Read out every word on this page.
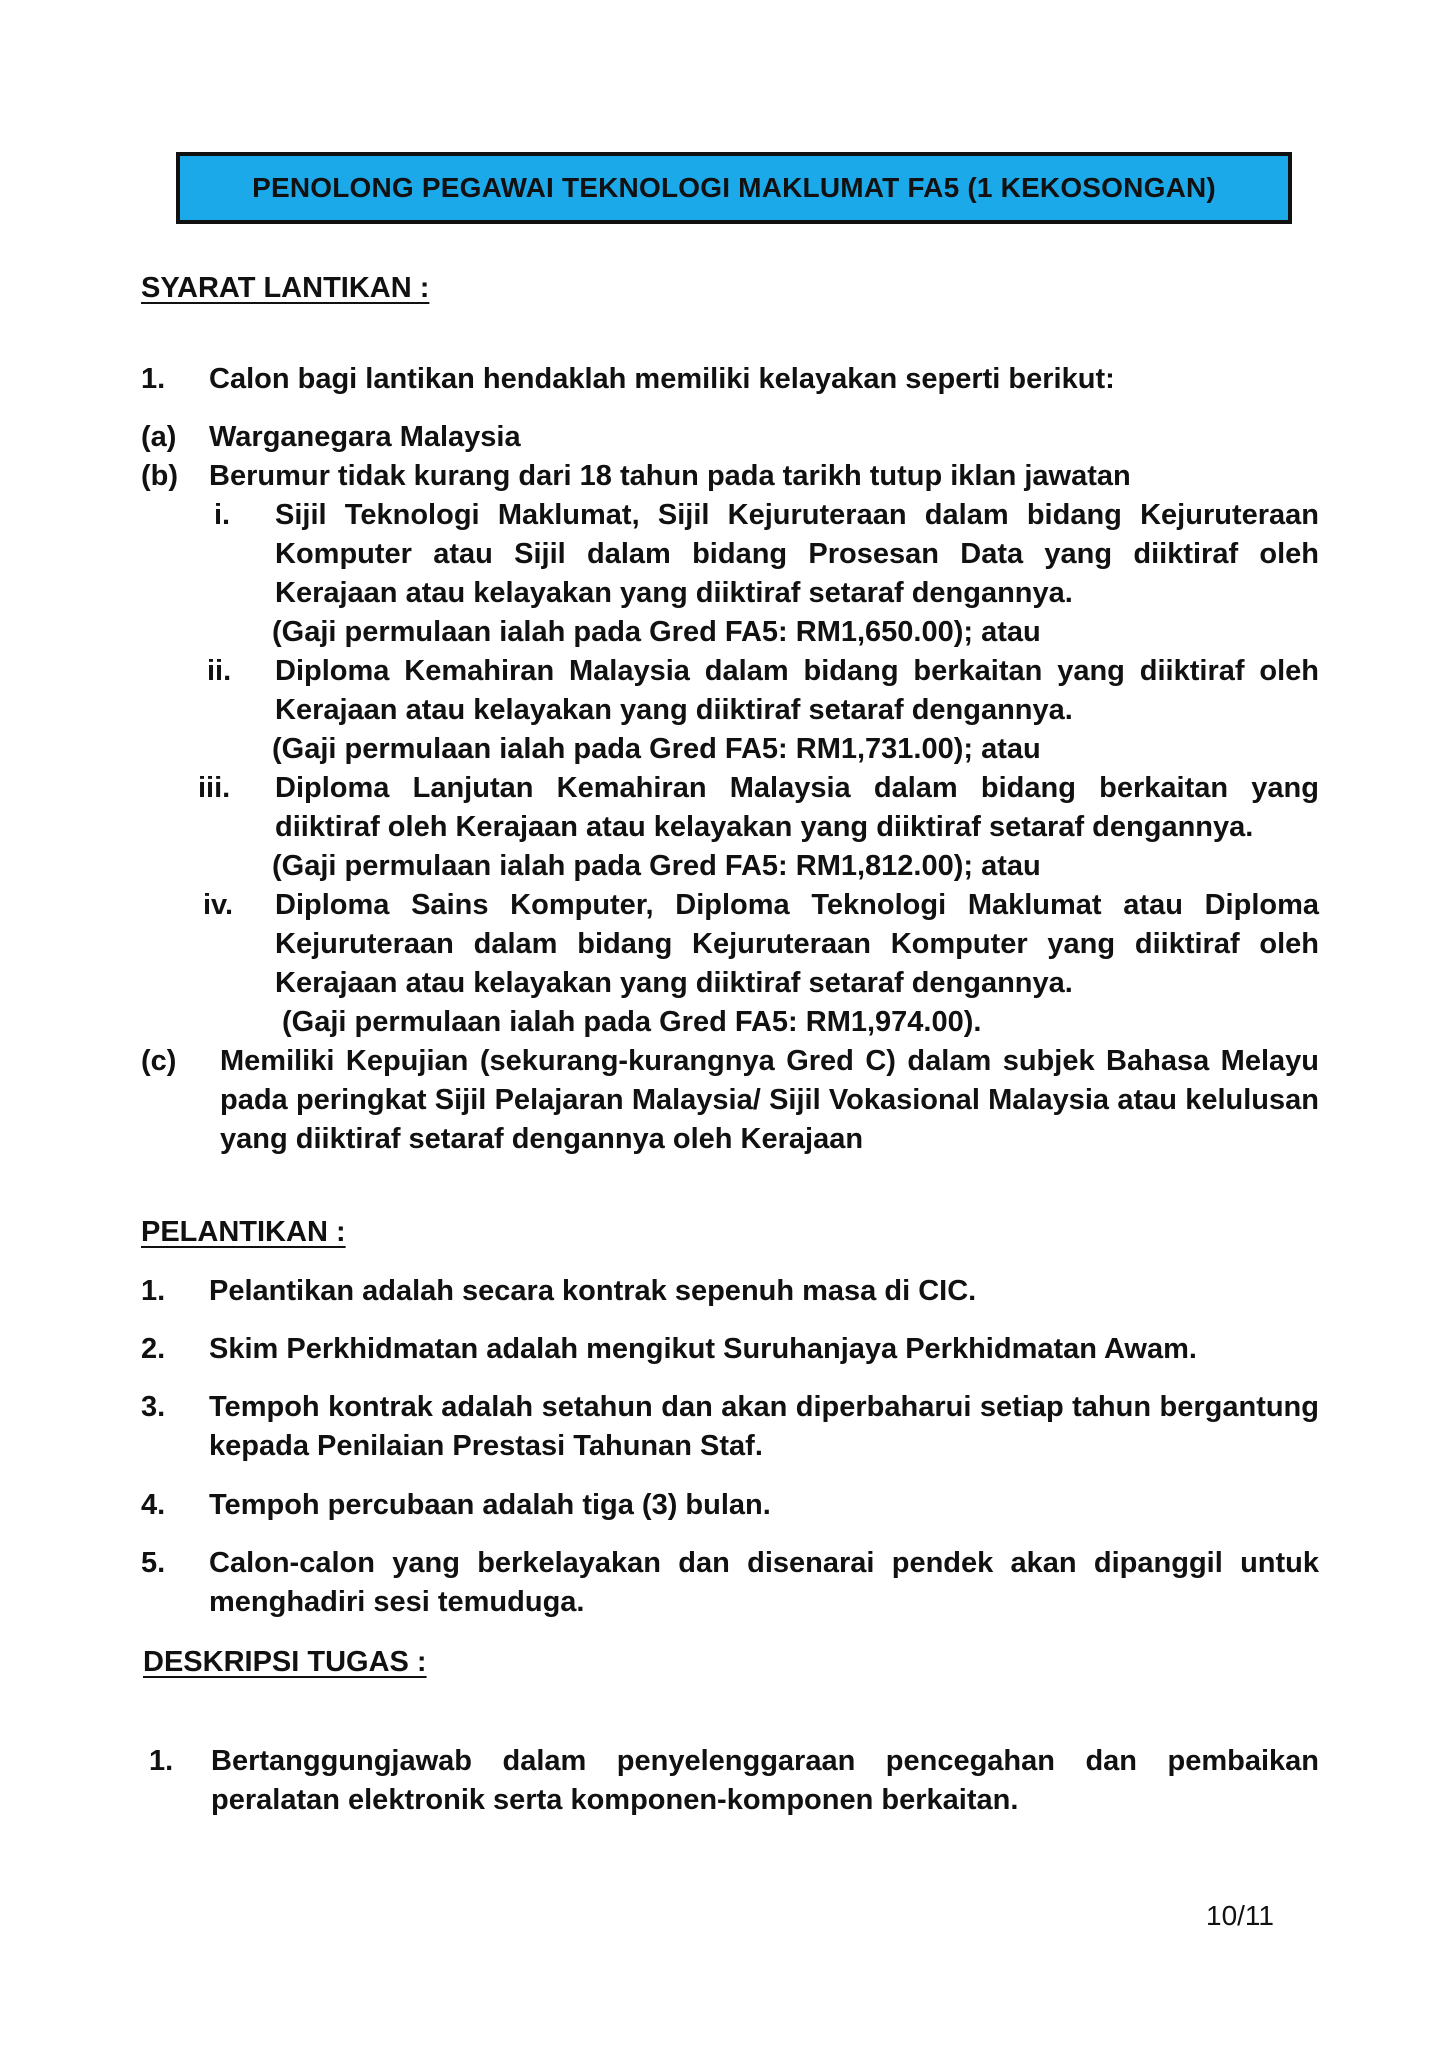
PENOLONG PEGAWAI TEKNOLOGI MAKLUMAT FA5 (1 KEKOSONGAN)
SYARAT LANTIKAN :
1. Calon bagi lantikan hendaklah memiliki kelayakan seperti berikut:
(a) Warganegara Malaysia
(b) Berumur tidak kurang dari 18 tahun pada tarikh tutup iklan jawatan
i. Sijil Teknologi Maklumat, Sijil Kejuruteraan dalam bidang Kejuruteraan Komputer atau Sijil dalam bidang Prosesan Data yang diiktiraf oleh Kerajaan atau kelayakan yang diiktiraf setaraf dengannya.
(Gaji permulaan ialah pada Gred FA5: RM1,650.00); atau
ii. Diploma Kemahiran Malaysia dalam bidang berkaitan yang diiktiraf oleh Kerajaan atau kelayakan yang diiktiraf setaraf dengannya.
(Gaji permulaan ialah pada Gred FA5: RM1,731.00); atau
iii. Diploma Lanjutan Kemahiran Malaysia dalam bidang berkaitan yang diiktiraf oleh Kerajaan atau kelayakan yang diiktiraf setaraf dengannya.
(Gaji permulaan ialah pada Gred FA5: RM1,812.00); atau
iv. Diploma Sains Komputer, Diploma Teknologi Maklumat atau Diploma Kejuruteraan dalam bidang Kejuruteraan Komputer yang diiktiraf oleh Kerajaan atau kelayakan yang diiktiraf setaraf dengannya.
(Gaji permulaan ialah pada Gred FA5: RM1,974.00).
(c) Memiliki Kepujian (sekurang-kurangnya Gred C) dalam subjek Bahasa Melayu pada peringkat Sijil Pelajaran Malaysia/ Sijil Vokasional Malaysia atau kelulusan yang diiktiraf setaraf dengannya oleh Kerajaan
PELANTIKAN :
1. Pelantikan adalah secara kontrak sepenuh masa di CIC.
2. Skim Perkhidmatan adalah mengikut Suruhanjaya Perkhidmatan Awam.
3. Tempoh kontrak adalah setahun dan akan diperbaharui setiap tahun bergantung kepada Penilaian Prestasi Tahunan Staf.
4. Tempoh percubaan adalah tiga (3) bulan.
5. Calon-calon yang berkelayakan dan disenarai pendek akan dipanggil untuk menghadiri sesi temuduga.
DESKRIPSI TUGAS :
1. Bertanggungjawab dalam penyelenggaraan pencegahan dan pembaikan peralatan elektronik serta komponen-komponen berkaitan.
10/11
